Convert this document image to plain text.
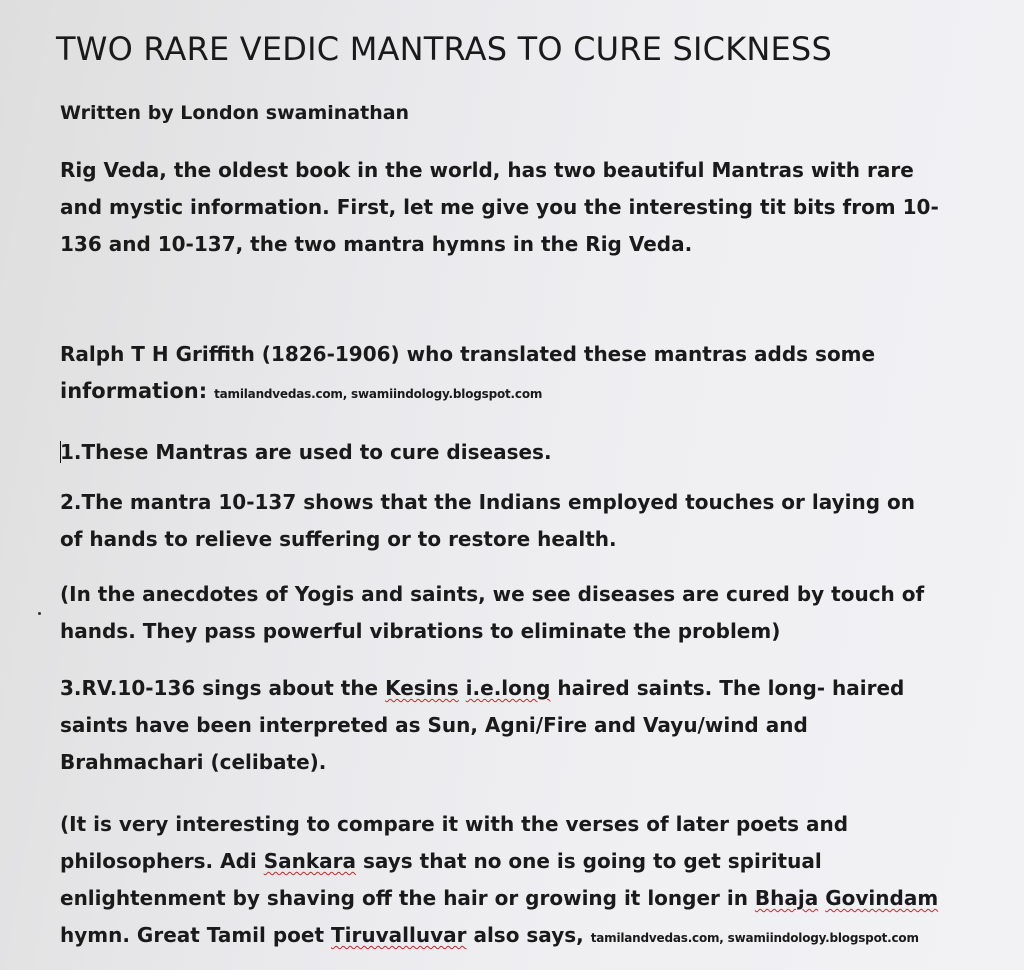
TWO RARE VEDIC MANTRAS TO CURE SICKNESS
Written by London swaminathan
Rig Veda, the oldest book in the world, has two beautiful Mantras with rare
and mystic information. First, let me give you the interesting tit bits from 10-
136 and 10-137, the two mantra hymns in the Rig Veda.
Ralph T H Griffith (1826-1906) who translated these mantras adds some
information: tamilandvedas.com, swamiindology.blogspot.com
1.These Mantras are used to cure diseases.
2.The mantra 10-137 shows that the Indians employed touches or laying on
of hands to relieve suffering or to restore health.
(In the anecdotes of Yogis and saints, we see diseases are cured by touch of
hands. They pass powerful vibrations to eliminate the problem)
3.RV.10-136 sings about the Kesins i.e.long haired saints. The long- haired
saints have been interpreted as Sun, Agni/Fire and Vayu/wind and
Brahmachari (celibate).
(It is very interesting to compare it with the verses of later poets and
philosophers. Adi Sankara says that no one is going to get spiritual
enlightenment by shaving off the hair or growing it longer in Bhaja Govindam
hymn. Great Tamil poet Tiruvalluvar also says, tamilandvedas.com, swamiindology.blogspot.com
